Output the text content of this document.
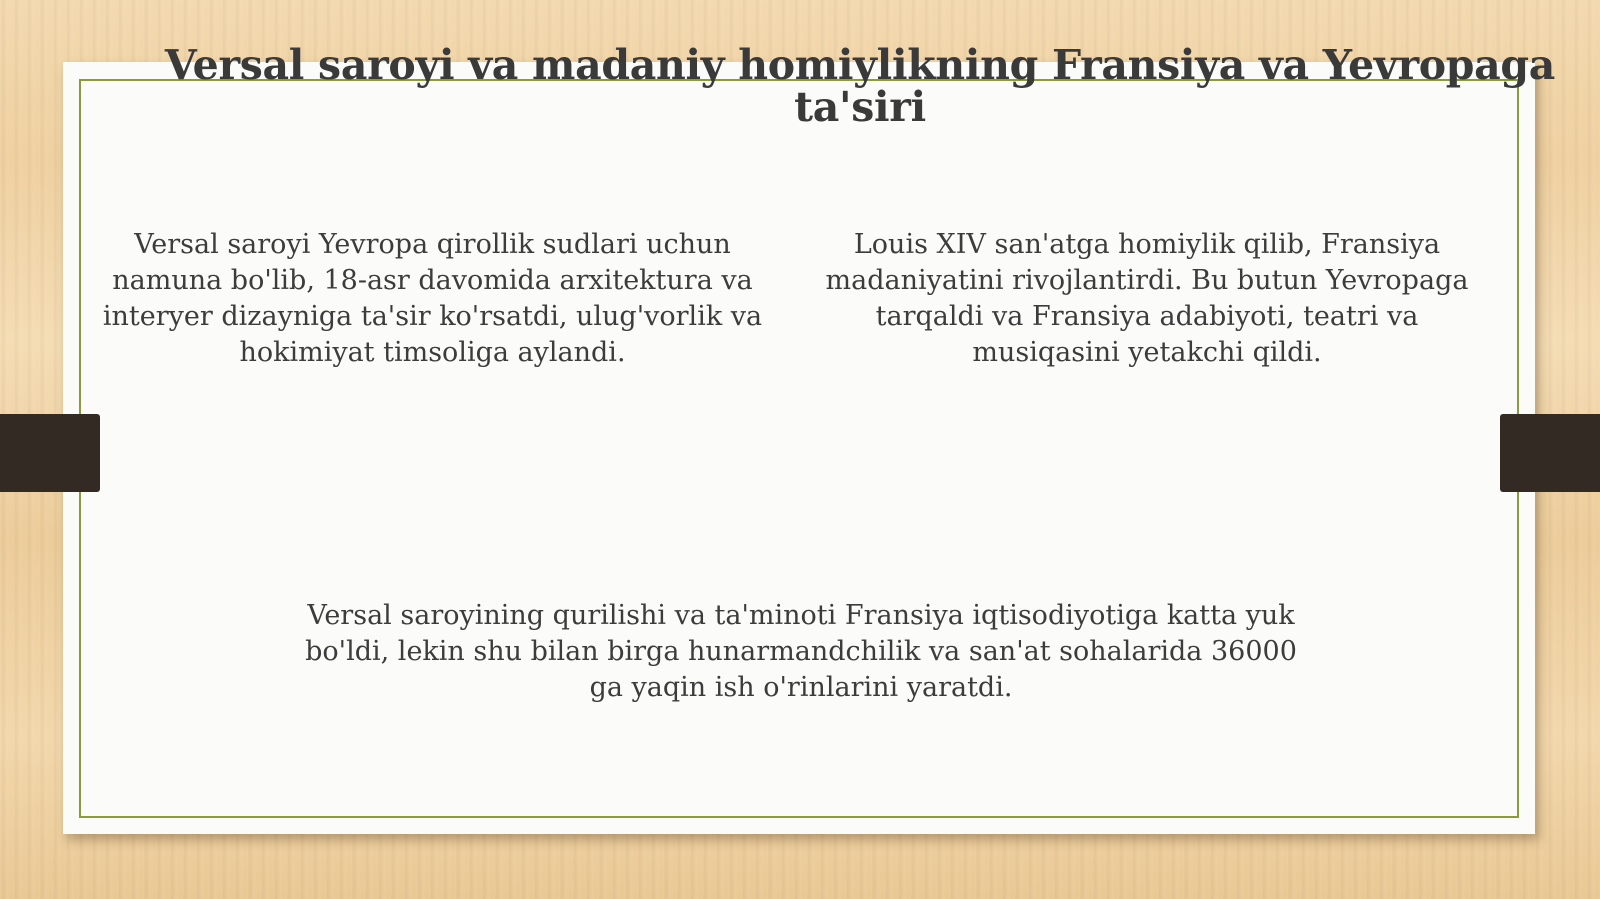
Versal saroyi va madaniy homiylikning Fransiya va Yevropaga ta'siri

Versal saroyi Yevropa qirollik sudlari uchun namuna bo'lib, 18-asr davomida arxitektura va interyer dizayniga ta'sir ko'rsatdi, ulug'vorlik va hokimiyat timsoliga aylandi.

Louis XIV san'atga homiylik qilib, Fransiya madaniyatini rivojlantirdi. Bu butun Yevropaga tarqaldi va Fransiya adabiyoti, teatri va musiqasini yetakchi qildi.

Versal saroyining qurilishi va ta'minoti Fransiya iqtisodiyotiga katta yuk bo'ldi, lekin shu bilan birga hunarmandchilik va san'at sohalarida 36000 ga yaqin ish o'rinlarini yaratdi.
